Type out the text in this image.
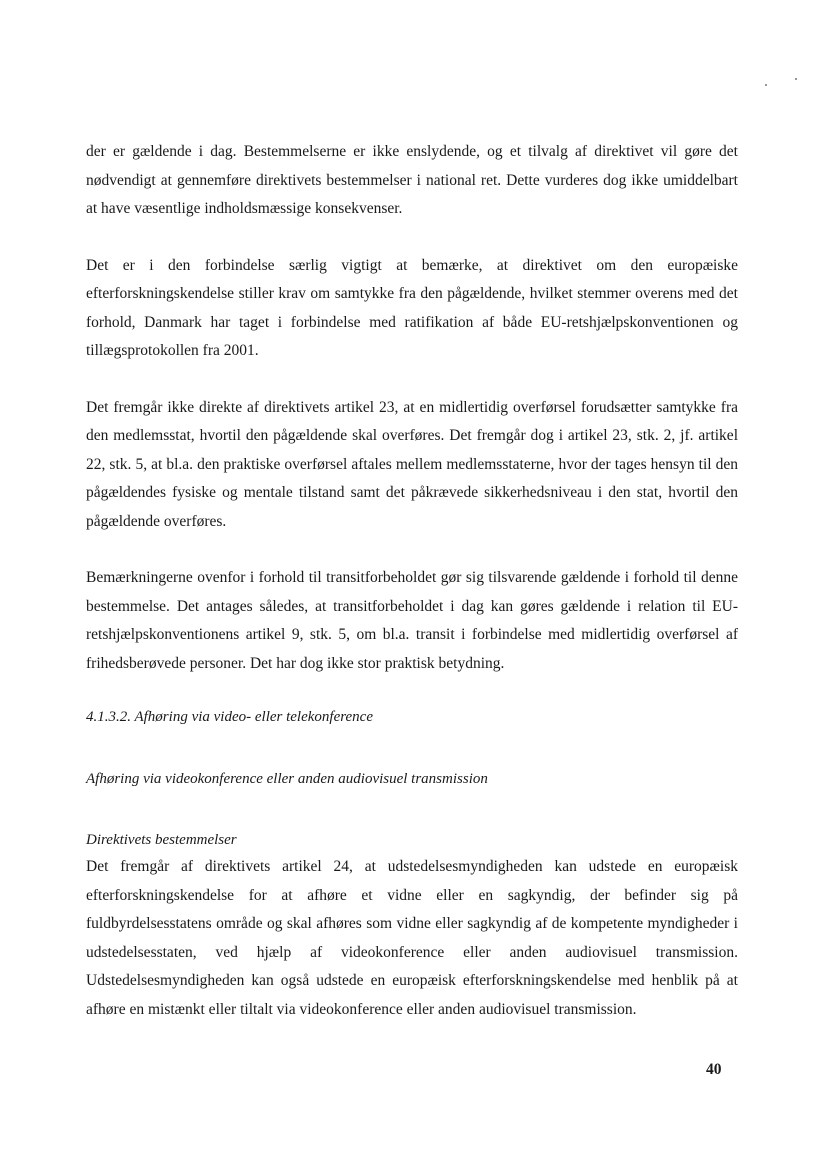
der er gældende i dag. Bestemmelserne er ikke enslydende, og et tilvalg af direktivet vil gøre det nødvendigt at gennemføre direktivets bestemmelser i national ret. Dette vurderes dog ikke umiddelbart at have væsentlige indholdsmæssige konsekvenser.

Det er i den forbindelse særlig vigtigt at bemærke, at direktivet om den europæiske efterforskningskendelse stiller krav om samtykke fra den pågældende, hvilket stemmer overens med det forhold, Danmark har taget i forbindelse med ratifikation af både EU-retshjælpskonventionen og tillægsprotokollen fra 2001.

Det fremgår ikke direkte af direktivets artikel 23, at en midlertidig overførsel forudsætter samtykke fra den medlemsstat, hvortil den pågældende skal overføres. Det fremgår dog i artikel 23, stk. 2, jf. artikel 22, stk. 5, at bl.a. den praktiske overførsel aftales mellem medlemsstaterne, hvor der tages hensyn til den pågældendes fysiske og mentale tilstand samt det påkrævede sikkerhedsniveau i den stat, hvortil den pågældende overføres.

Bemærkningerne ovenfor i forhold til transitforbeholdet gør sig tilsvarende gældende i forhold til denne bestemmelse. Det antages således, at transitforbeholdet i dag kan gøres gældende i relation til EU-retshjælpskonventionens artikel 9, stk. 5, om bl.a. transit i forbindelse med midlertidig overførsel af frihedsberøvede personer. Det har dog ikke stor praktisk betydning.

4.1.3.2. Afhøring via video- eller telekonference

Afhøring via videokonference eller anden audiovisuel transmission

Direktivets bestemmelser

Det fremgår af direktivets artikel 24, at udstedelsesmyndigheden kan udstede en europæisk efterforskningskendelse for at afhøre et vidne eller en sagkyndig, der befinder sig på fuldbyrdelsesstatens område og skal afhøres som vidne eller sagkyndig af de kompetente myndigheder i udstedelsesstaten, ved hjælp af videokonference eller anden audiovisuel transmission. Udstedelsesmyndigheden kan også udstede en europæisk efterforskningskendelse med henblik på at afhøre en mistænkt eller tiltalt via videokonference eller anden audiovisuel transmission.

40
